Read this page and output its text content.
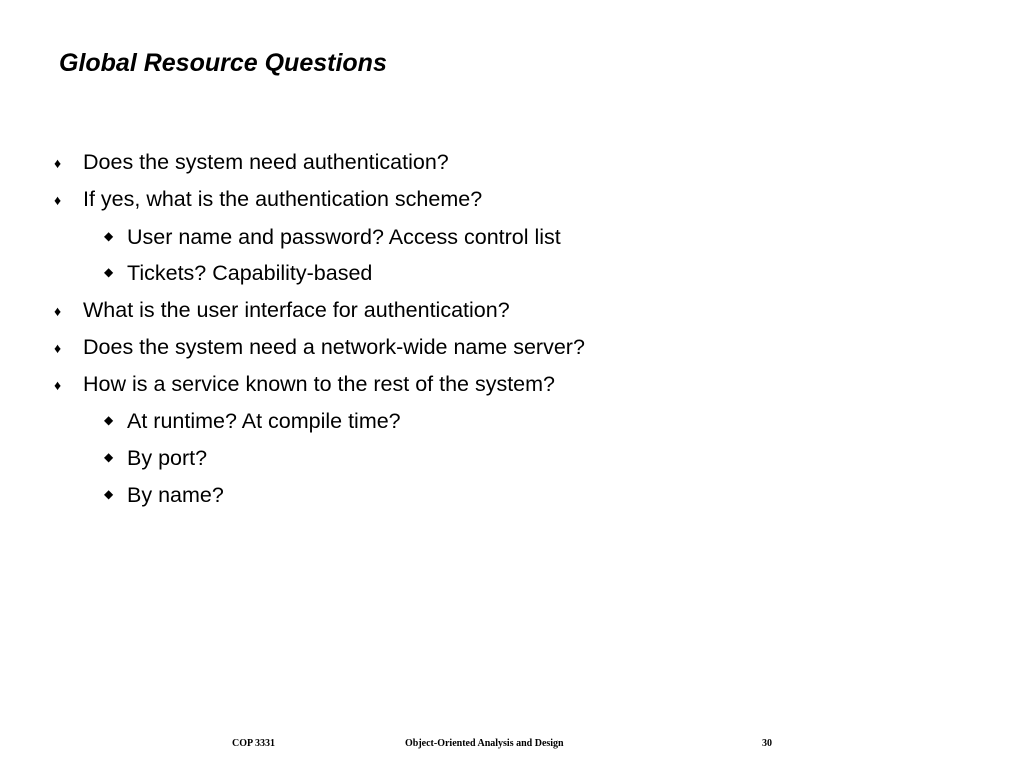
Global Resource Questions
♦ Does the system need authentication?
♦ If yes, what is the authentication scheme?
◆ User name and password? Access control list
◆ Tickets? Capability-based
♦ What is the user interface for authentication?
♦ Does the system need a network-wide name server?
♦ How is a service known to the rest of the system?
◆ At runtime? At compile time?
◆ By port?
◆ By name?
COP 3331	Object-Oriented Analysis and Design	30
